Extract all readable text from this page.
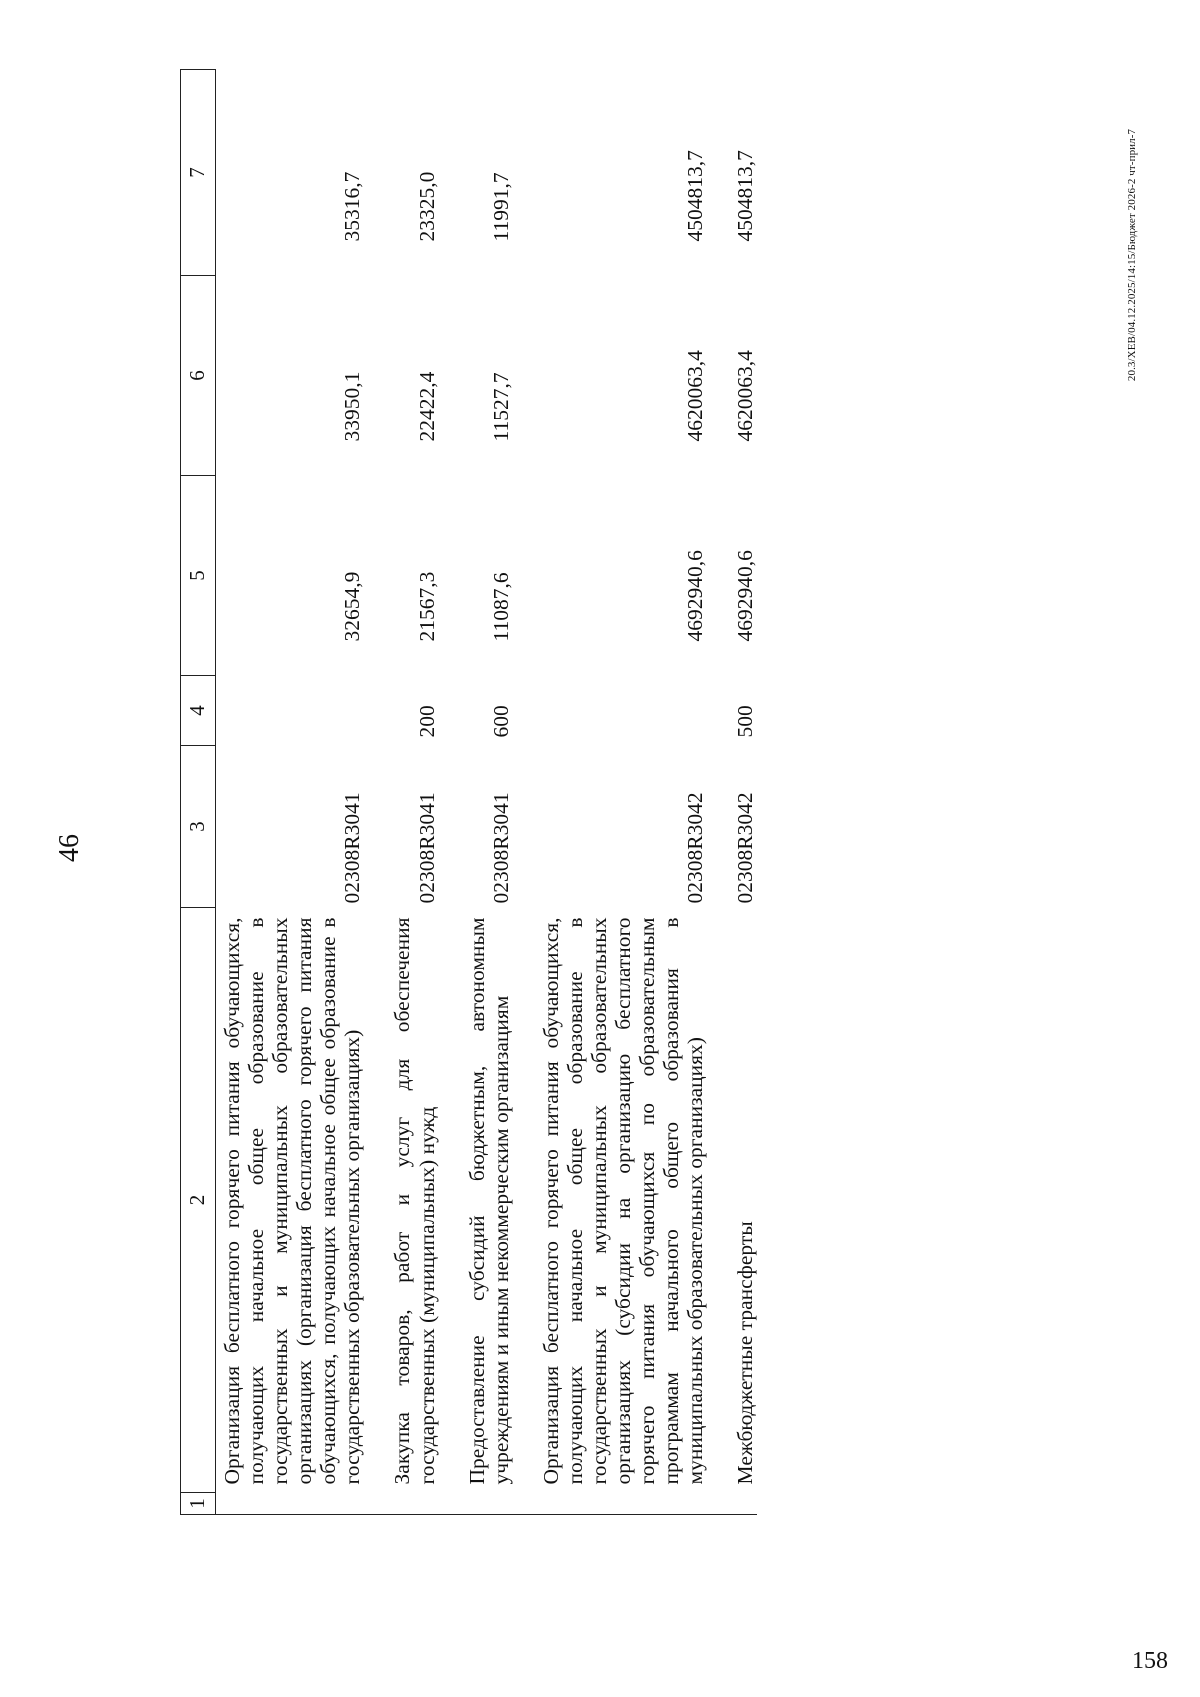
46
1	2	3	4	5	6	7
	Организация бесплатного горячего питания обучающихся, получающих начальное общее образование в государственных и муниципальных образовательных организациях (организация бесплатного горячего питания обучающихся, получающих начальное общее образование в государственных образовательных организациях)	02308R3041		32654,9	33950,1	35316,7

	Закупка товаров, работ и услуг для обеспечения государственных (муниципальных) нужд	02308R3041	200	21567,3	22422,4	23325,0

	Предоставление субсидий бюджетным, автономным учреждениям и иным некоммерческим организациям	02308R3041	600	11087,6	11527,7	11991,7

	Организация бесплатного горячего питания обучающихся, получающих начальное общее образование в государственных и муниципальных образовательных организациях (субсидии на организацию бесплатного горячего питания обучающихся по образовательным программам начального общего образования в муниципальных образовательных организациях)	02308R3042		4692940,6	4620063,4	4504813,7

	Межбюджетные трансферты	02308R3042	500	4692940,6	4620063,4	4504813,7	20.3/ХЕВ/04.12.2025/14:15/Бюджет 2026-2 чт-прил-7
158
